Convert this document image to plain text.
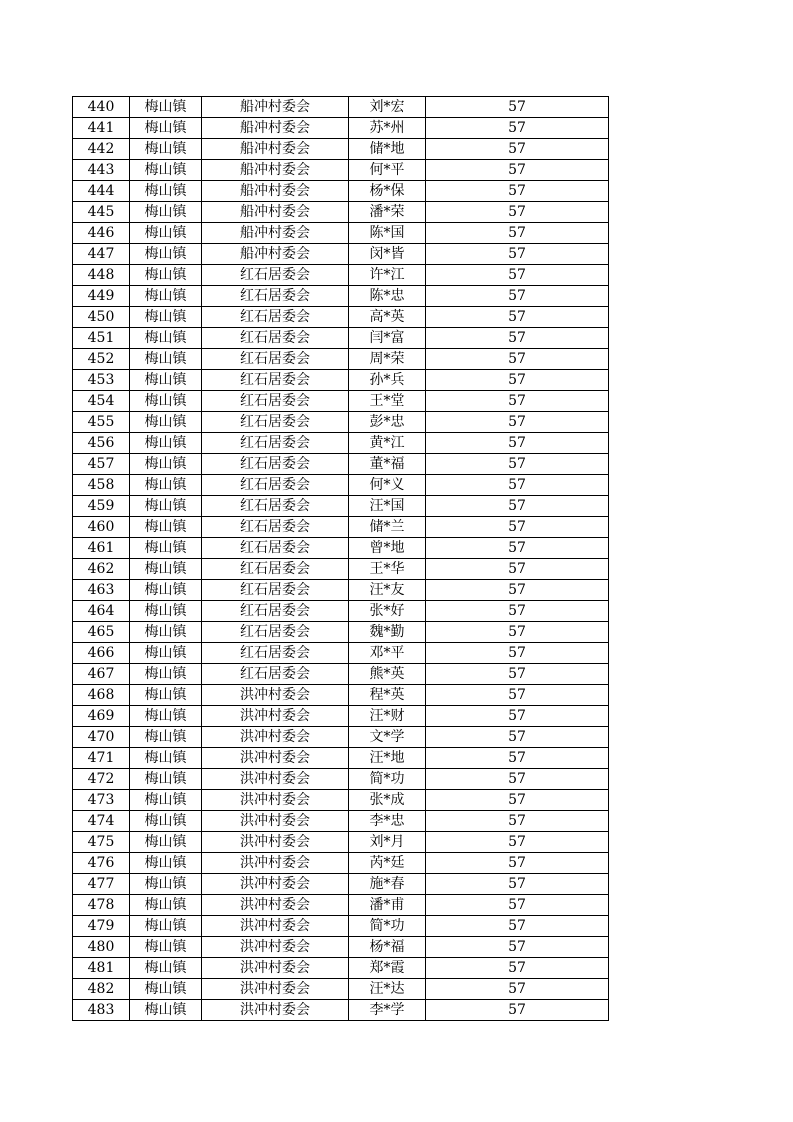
440	梅山镇	船冲村委会	刘*宏	57
441	梅山镇	船冲村委会	苏*州	57
442	梅山镇	船冲村委会	储*地	57
443	梅山镇	船冲村委会	何*平	57
444	梅山镇	船冲村委会	杨*保	57
445	梅山镇	船冲村委会	潘*荣	57
446	梅山镇	船冲村委会	陈*国	57
447	梅山镇	船冲村委会	闵*皆	57
448	梅山镇	红石居委会	许*江	57
449	梅山镇	红石居委会	陈*忠	57
450	梅山镇	红石居委会	高*英	57
451	梅山镇	红石居委会	闫*富	57
452	梅山镇	红石居委会	周*荣	57
453	梅山镇	红石居委会	孙*兵	57
454	梅山镇	红石居委会	王*堂	57
455	梅山镇	红石居委会	彭*忠	57
456	梅山镇	红石居委会	黄*江	57
457	梅山镇	红石居委会	董*福	57
458	梅山镇	红石居委会	何*义	57
459	梅山镇	红石居委会	汪*国	57
460	梅山镇	红石居委会	储*兰	57
461	梅山镇	红石居委会	曾*地	57
462	梅山镇	红石居委会	王*华	57
463	梅山镇	红石居委会	汪*友	57
464	梅山镇	红石居委会	张*好	57
465	梅山镇	红石居委会	魏*勤	57
466	梅山镇	红石居委会	邓*平	57
467	梅山镇	红石居委会	熊*英	57
468	梅山镇	洪冲村委会	程*英	57
469	梅山镇	洪冲村委会	汪*财	57
470	梅山镇	洪冲村委会	文*学	57
471	梅山镇	洪冲村委会	汪*地	57
472	梅山镇	洪冲村委会	简*功	57
473	梅山镇	洪冲村委会	张*成	57
474	梅山镇	洪冲村委会	李*忠	57
475	梅山镇	洪冲村委会	刘*月	57
476	梅山镇	洪冲村委会	芮*廷	57
477	梅山镇	洪冲村委会	施*春	57
478	梅山镇	洪冲村委会	潘*甫	57
479	梅山镇	洪冲村委会	简*功	57
480	梅山镇	洪冲村委会	杨*福	57
481	梅山镇	洪冲村委会	郑*霞	57
482	梅山镇	洪冲村委会	汪*达	57
483	梅山镇	洪冲村委会	李*学	57
